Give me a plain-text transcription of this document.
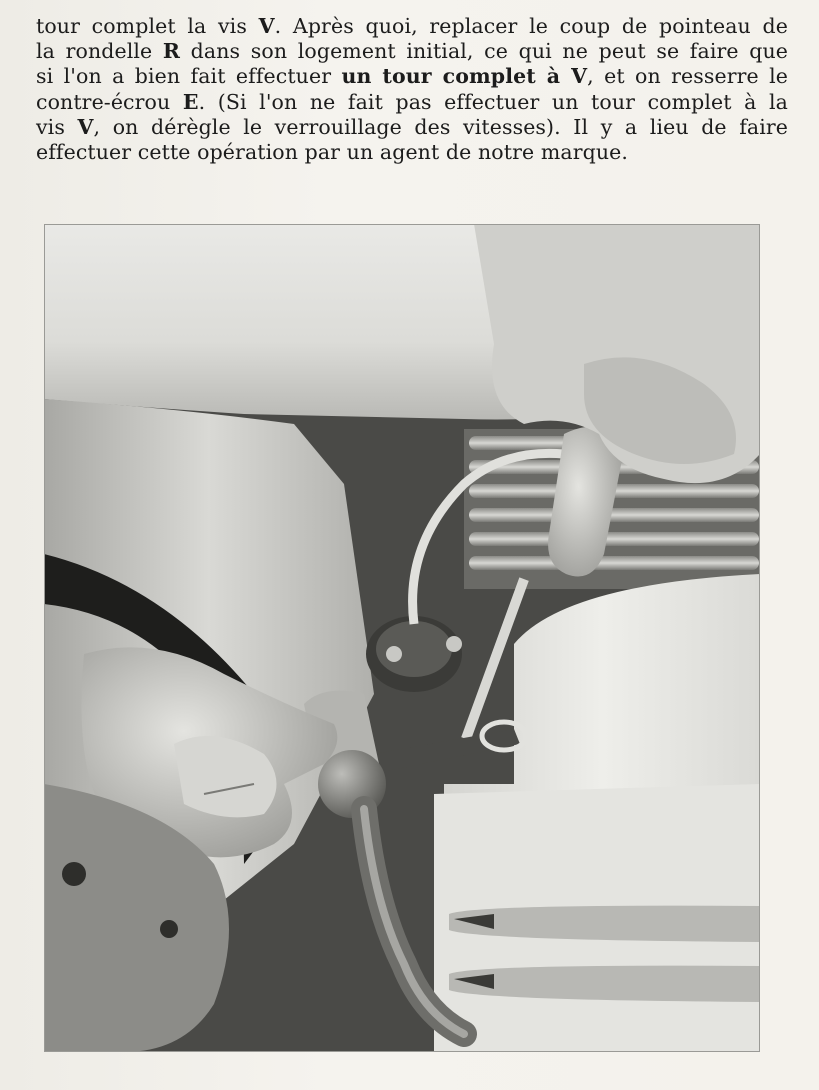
tour complet la vis V. Après quoi, replacer le coup de pointeau de
la rondelle R dans son logement initial, ce qui ne peut se faire que
si l'on a bien fait effectuer un tour complet à V, et on resserre le
contre-écrou E. (Si l'on ne fait pas effectuer un tour complet à la
vis V, on dérègle le verrouillage des vitesses). Il y a lieu de faire
effectuer cette opération par un agent de notre marque.
